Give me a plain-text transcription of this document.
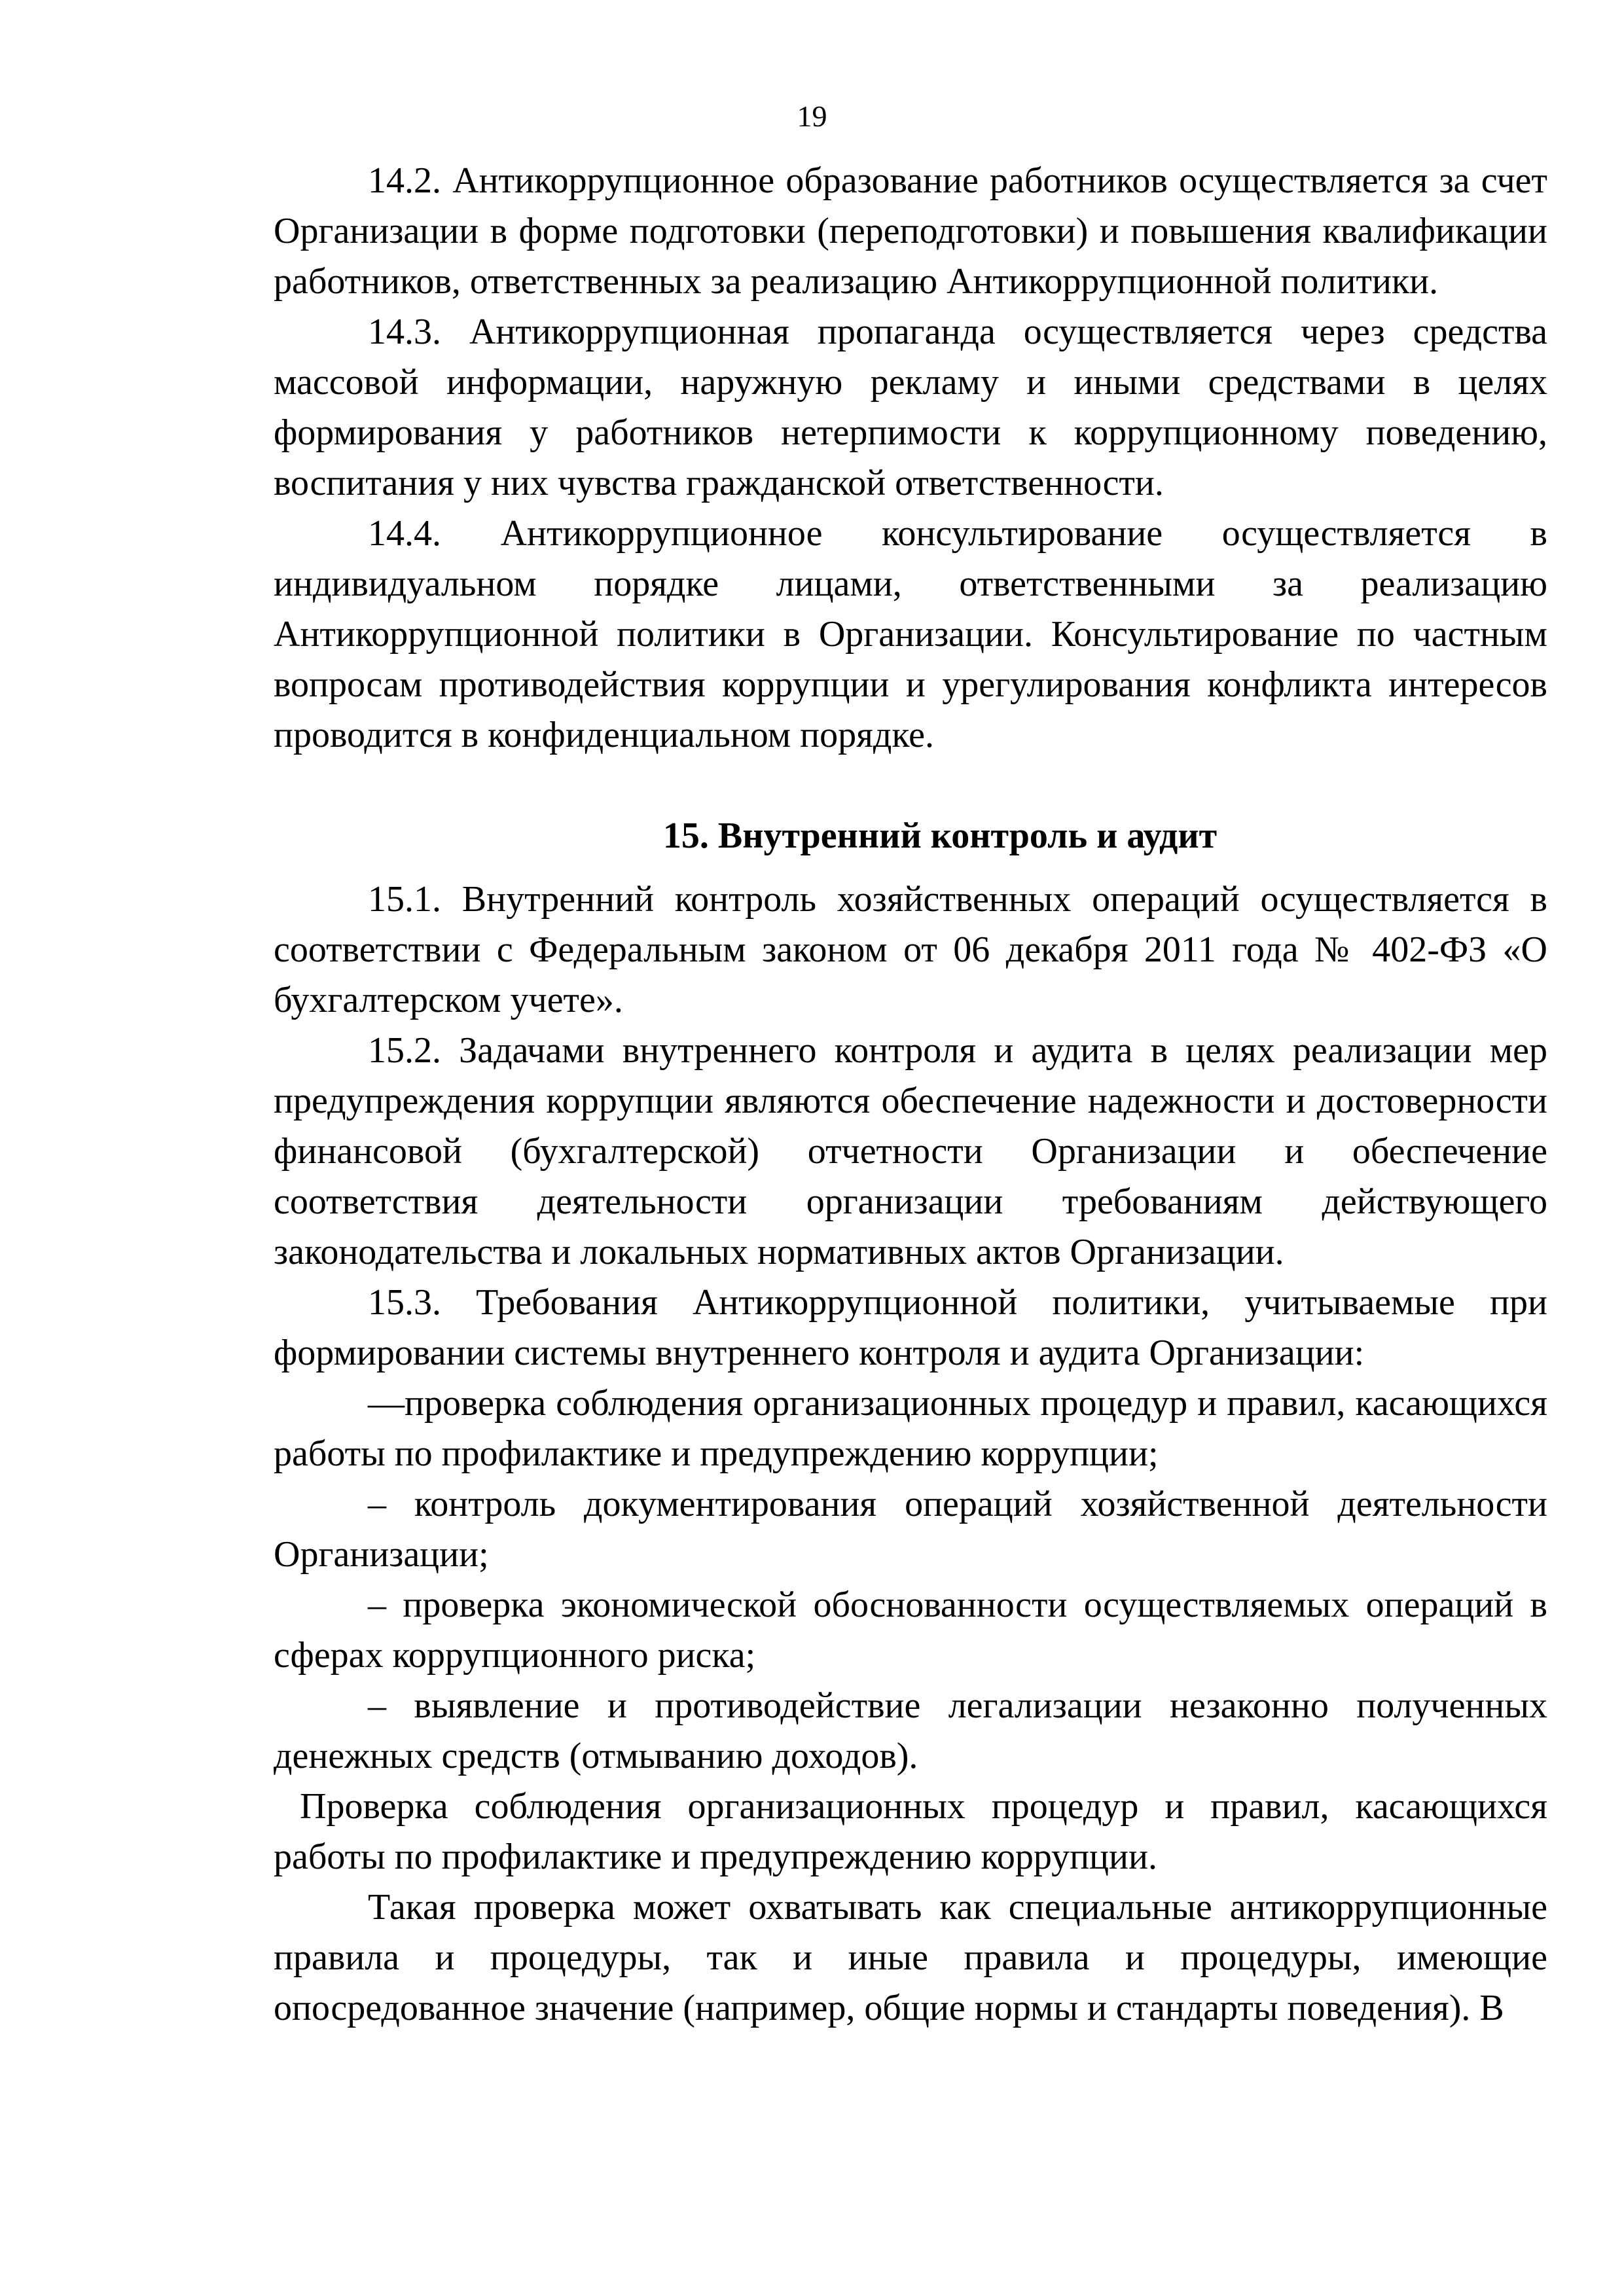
19

14.2. Антикоррупционное образование работников осуществляется за счет Организации в форме подготовки (переподготовки) и повышения квалификации работников, ответственных за реализацию Антикоррупционной политики.

14.3. Антикоррупционная пропаганда осуществляется через средства массовой информации, наружную рекламу и иными средствами в целях формирования у работников нетерпимости к коррупционному поведению, воспитания у них чувства гражданской ответственности.

14.4. Антикоррупционное консультирование осуществляется в индивидуальном порядке лицами, ответственными за реализацию Антикоррупционной политики в Организации. Консультирование по частным вопросам противодействия коррупции и урегулирования конфликта интересов проводится в конфиденциальном порядке.

15. Внутренний контроль и аудит

15.1. Внутренний контроль хозяйственных операций осуществляется в соответствии с Федеральным законом от 06 декабря 2011 года № 402-ФЗ «О бухгалтерском учете».

15.2. Задачами внутреннего контроля и аудита в целях реализации мер предупреждения коррупции являются обеспечение надежности и достоверности финансовой (бухгалтерской) отчетности Организации и обеспечение соответствия деятельности организации требованиям действующего законодательства и локальных нормативных актов Организации.

15.3. Требования Антикоррупционной политики, учитываемые при формировании системы внутреннего контроля и аудита Организации:

―проверка соблюдения организационных процедур и правил, касающихся работы по профилактике и предупреждению коррупции;

– контроль документирования операций хозяйственной деятельности Организации;

– проверка экономической обоснованности осуществляемых операций в сферах коррупционного риска;

– выявление и противодействие легализации незаконно полученных денежных средств (отмыванию доходов).

Проверка соблюдения организационных процедур и правил, касающихся работы по профилактике и предупреждению коррупции.

Такая проверка может охватывать как специальные антикоррупционные правила и процедуры, так и иные правила и процедуры, имеющие опосредованное значение (например, общие нормы и стандарты поведения). В
